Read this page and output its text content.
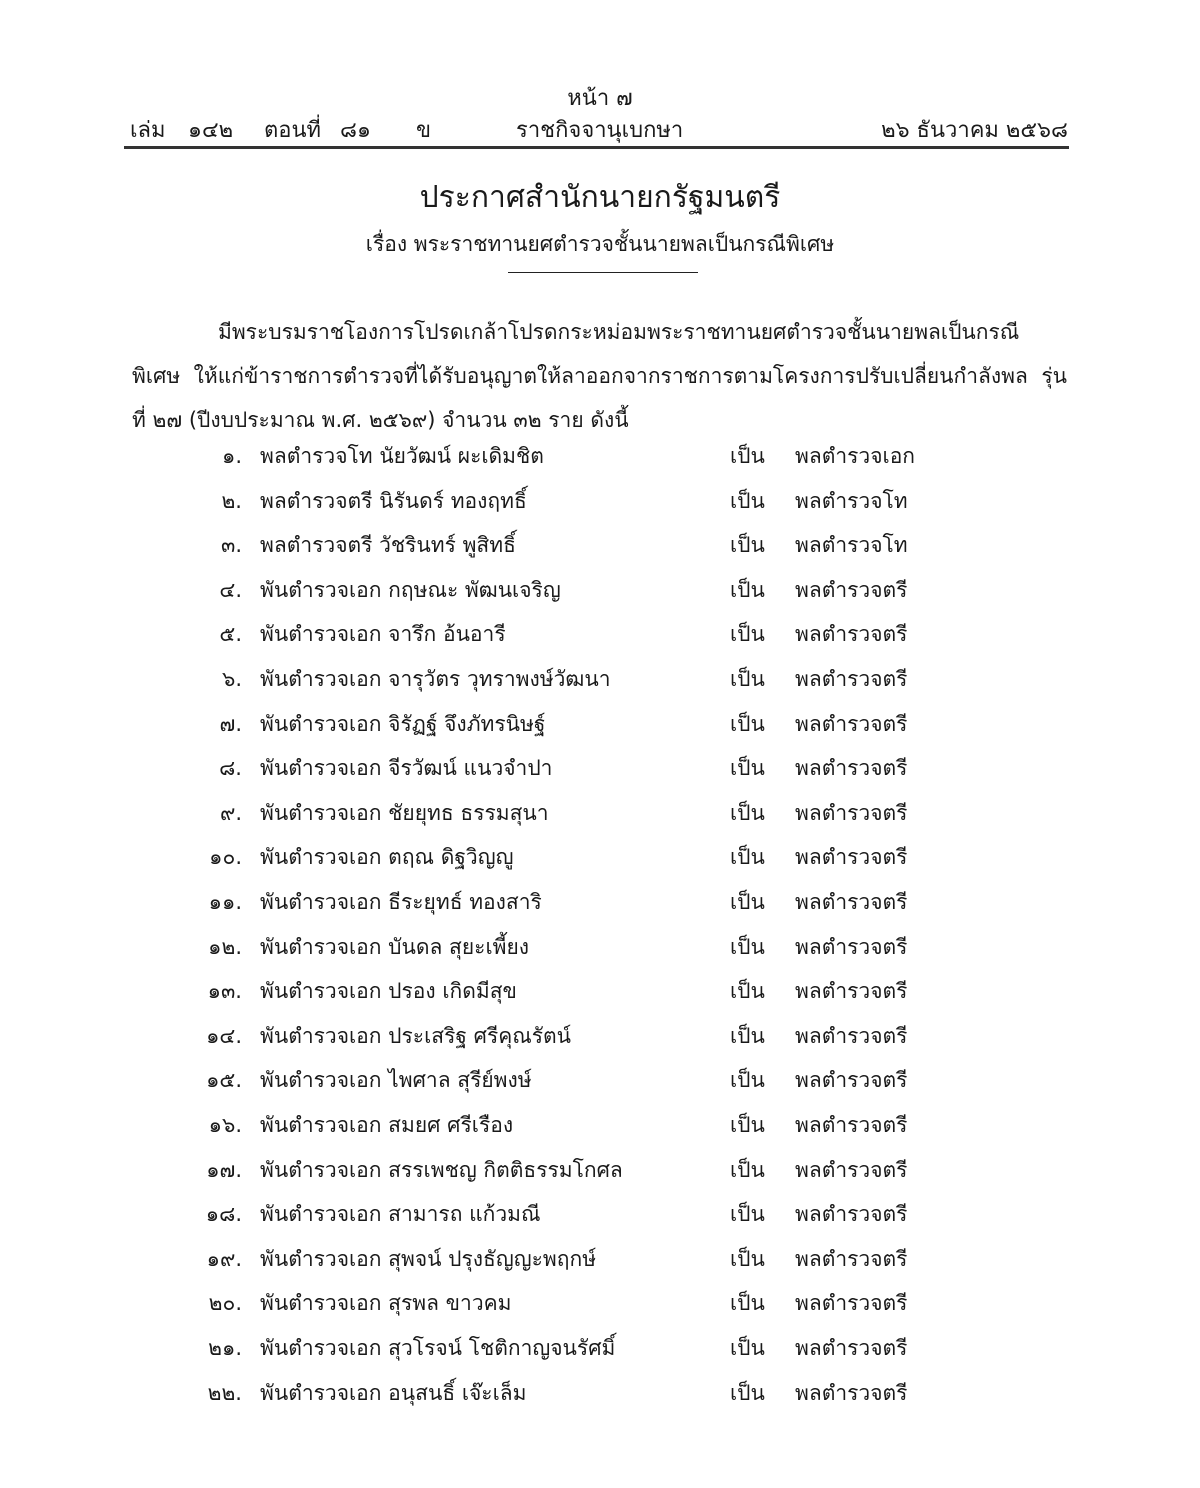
หน้า ๗
เล่ม ๑๔๒ ตอนที่ ๘๑ ข	ราชกิจจานุเบกษา	๒๖ ธันวาคม ๒๕๖๘
ประกาศสำนักนายกรัฐมนตรี
เรื่อง พระราชทานยศตำรวจชั้นนายพลเป็นกรณีพิเศษ
มีพระบรมราชโองการโปรดเกล้าโปรดกระหม่อมพระราชทานยศตำรวจชั้นนายพลเป็นกรณีพิเศษ ให้แก่ข้าราชการตำรวจที่ได้รับอนุญาตให้ลาออกจากราชการตามโครงการปรับเปลี่ยนกำลังพล รุ่นที่ ๒๗ (ปีงบประมาณ พ.ศ. ๒๕๖๙) จำนวน ๓๒ ราย ดังนี้
๑. พลตำรวจโท นัยวัฒน์ ผะเดิมชิต	เป็น พลตำรวจเอก
๒. พลตำรวจตรี นิรันดร์ ทองฤทธิ์	เป็น พลตำรวจโท
๓. พลตำรวจตรี วัชรินทร์ พูสิทธิ์	เป็น พลตำรวจโท
๔. พันตำรวจเอก กฤษณะ พัฒนเจริญ	เป็น พลตำรวจตรี
๕. พันตำรวจเอก จารึก อ้นอารี	เป็น พลตำรวจตรี
๖. พันตำรวจเอก จารุวัตร วุทราพงษ์วัฒนา	เป็น พลตำรวจตรี
๗. พันตำรวจเอก จิรัฏฐ์ จึงภัทรนิษฐ์	เป็น พลตำรวจตรี
๘. พันตำรวจเอก จีรวัฒน์ แนวจำปา	เป็น พลตำรวจตรี
๙. พันตำรวจเอก ชัยยุทธ ธรรมสุนา	เป็น พลตำรวจตรี
๑๐. พันตำรวจเอก ตฤณ ดิฐวิญญู	เป็น พลตำรวจตรี
๑๑. พันตำรวจเอก ธีระยุทธ์ ทองสาริ	เป็น พลตำรวจตรี
๑๒. พันตำรวจเอก บันดล สุยะเพี้ยง	เป็น พลตำรวจตรี
๑๓. พันตำรวจเอก ปรอง เกิดมีสุข	เป็น พลตำรวจตรี
๑๔. พันตำรวจเอก ประเสริฐ ศรีคุณรัตน์	เป็น พลตำรวจตรี
๑๕. พันตำรวจเอก ไพศาล สุรีย์พงษ์	เป็น พลตำรวจตรี
๑๖. พันตำรวจเอก สมยศ ศรีเรือง	เป็น พลตำรวจตรี
๑๗. พันตำรวจเอก สรรเพชญ กิตติธรรมโกศล	เป็น พลตำรวจตรี
๑๘. พันตำรวจเอก สามารถ แก้วมณี	เป็น พลตำรวจตรี
๑๙. พันตำรวจเอก สุพจน์ ปรุงธัญญะพฤกษ์	เป็น พลตำรวจตรี
๒๐. พันตำรวจเอก สุรพล ขาวคม	เป็น พลตำรวจตรี
๒๑. พันตำรวจเอก สุวโรจน์ โชติกาญจนรัศมิ์	เป็น พลตำรวจตรี
๒๒. พันตำรวจเอก อนุสนธิ์ เจ๊ะเล็ม	เป็น พลตำรวจตรี
